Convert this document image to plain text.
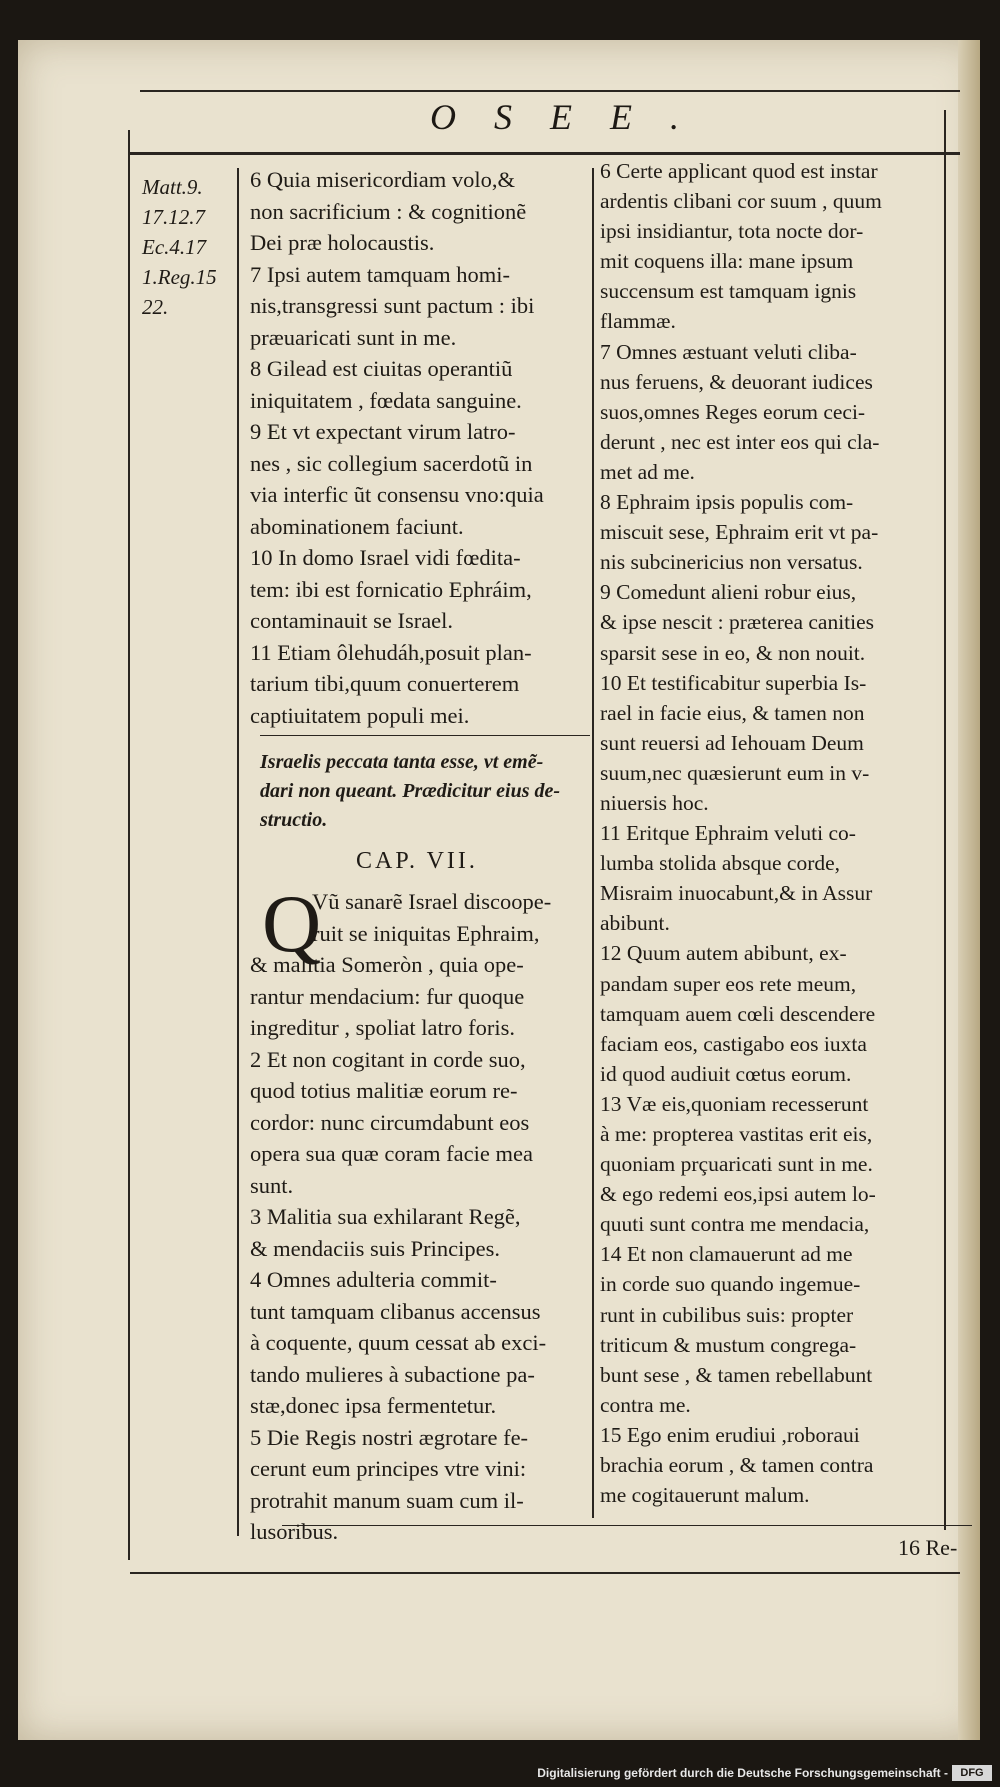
OSEE.
Matt.9.
17.12.7
Ec.4.17
1.Reg.15
22.

6 Quia misericordiam volo,&

non sacrificium : & cognitionẽ

Dei præ holocaustis.

7 Ipsi autem tamquam homi-

nis,transgressi sunt pactum : ibi

præuaricati sunt in me.

8 Gilead est ciuitas operantiũ

iniquitatem , fœdata sanguine.

9 Et vt expectant virum latro-

nes , sic collegium sacerdotũ in

via interfic ũt consensu vno:quia

abominationem faciunt.

10 In domo Israel vidi fœdita-

tem: ibi est fornicatio Ephráim,

contaminauit se Israel.

11 Etiam ôlehudáh,posuit plan-

tarium tibi,quum conuerterem

captiuitatem populi mei.

Israelis peccata tanta esse, vt emẽ-
dari non queant. Prædicitur eius de-
structio.
CAP. VII.
Q

Vũ sanarẽ Israel discoope-

ruit se iniquitas Ephraim,

& malitia Someròn , quia ope-

rantur mendacium: fur quoque

ingreditur , spoliat latro foris.

2 Et non cogitant in corde suo,

quod totius malitiæ eorum re-

cordor: nunc circumdabunt eos

opera sua quæ coram facie mea

sunt.

3 Malitia sua exhilarant Regẽ,

& mendaciis suis Principes.

4 Omnes adulteria commit-

tunt tamquam clibanus accensus

à coquente, quum cessat ab exci-

tando mulieres à subactione pa-

stæ,donec ipsa fermentetur.

5 Die Regis nostri ægrotare fe-

cerunt eum principes vtre vini:

protrahit manum suam cum il-

lusoribus.

6 Certe applicant quod est instar

ardentis clibani cor suum , quum

ipsi insidiantur, tota nocte dor-

mit coquens illa: mane ipsum

succensum est tamquam ignis

flammæ.

7 Omnes æstuant veluti cliba-

nus feruens, & deuorant iudices

suos,omnes Reges eorum ceci-

derunt , nec est inter eos qui cla-

met ad me.

8 Ephraim ipsis populis com-

miscuit sese, Ephraim erit vt pa-

nis subcinericius non versatus.

9 Comedunt alieni robur eius,

& ipse nescit : præterea canities

sparsit sese in eo, & non nouit.

10 Et testificabitur superbia Is-

rael in facie eius, & tamen non

sunt reuersi ad Iehouam Deum

suum,nec quæsierunt eum in v-

niuersis hoc.

11 Eritque Ephraim veluti co-

lumba stolida absque corde,

Misraim inuocabunt,& in Assur

abibunt.

12 Quum autem abibunt, ex-

pandam super eos rete meum,

tamquam auem cœli descendere

faciam eos, castigabo eos iuxta

id quod audiuit cœtus eorum.

13 Væ eis,quoniam recesserunt

à me: propterea vastitas erit eis,

quoniam prçuaricati sunt in me.

& ego redemi eos,ipsi autem lo-

quuti sunt contra me mendacia,

14 Et non clamauerunt ad me

in corde suo quando ingemue-

runt in cubilibus suis: propter

triticum & mustum congrega-

bunt sese , & tamen rebellabunt

contra me.

15 Ego enim erudiui ,roboraui

brachia eorum , & tamen contra

me cogitauerunt malum.

16 Re-
Digitalisierung gefördert durch die Deutsche Forschungsgemeinschaft -	DFG
